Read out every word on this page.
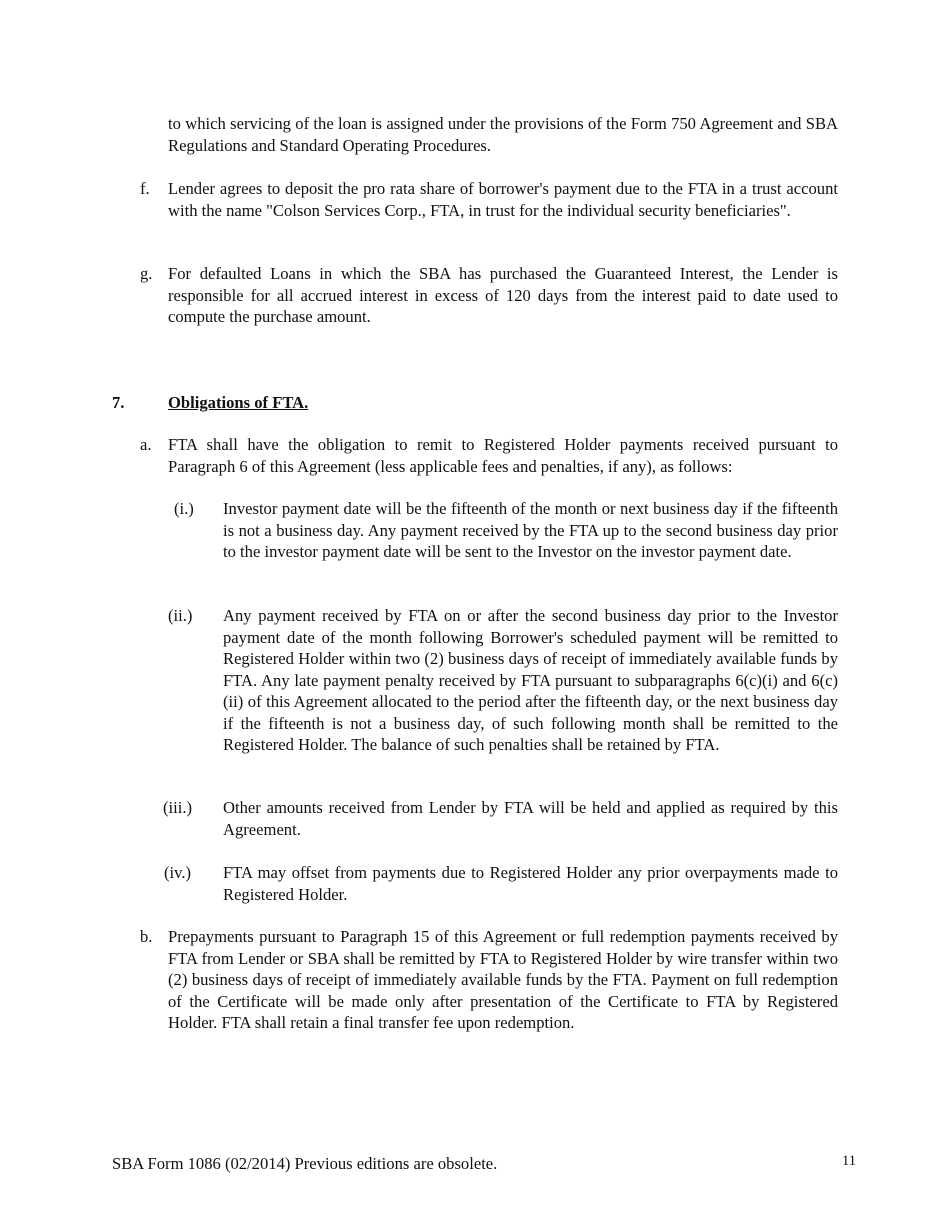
to which servicing of the loan is assigned under the provisions of the Form 750 Agreement and SBA Regulations and Standard Operating Procedures.
f. Lender agrees to deposit the pro rata share of borrower's payment due to the FTA in a trust account with the name "Colson Services Corp., FTA, in trust for the individual security beneficiaries".
g. For defaulted Loans in which the SBA has purchased the Guaranteed Interest, the Lender is responsible for all accrued interest in excess of 120 days from the interest paid to date used to compute the purchase amount.
7.	Obligations of FTA.
a. FTA shall have the obligation to remit to Registered Holder payments received pursuant to Paragraph 6 of this Agreement (less applicable fees and penalties, if any), as follows:
(i.) Investor payment date will be the fifteenth of the month or next business day if the fifteenth is not a business day. Any payment received by the FTA up to the second business day prior to the investor payment date will be sent to the Investor on the investor payment date.
(ii.) Any payment received by FTA on or after the second business day prior to the Investor payment date of the month following Borrower's scheduled payment will be remitted to Registered Holder within two (2) business days of receipt of immediately available funds by FTA. Any late payment penalty received by FTA pursuant to subparagraphs 6(c)(i) and 6(c)(ii) of this Agreement allocated to the period after the fifteenth day, or the next business day if the fifteenth is not a business day, of such following month shall be remitted to the Registered Holder. The balance of such penalties shall be retained by FTA.
(iii.) Other amounts received from Lender by FTA will be held and applied as required by this Agreement.
(iv.) FTA may offset from payments due to Registered Holder any prior overpayments made to Registered Holder.
b. Prepayments pursuant to Paragraph 15 of this Agreement or full redemption payments received by FTA from Lender or SBA shall be remitted by FTA to Registered Holder by wire transfer within two (2) business days of receipt of immediately available funds by the FTA. Payment on full redemption of the Certificate will be made only after presentation of the Certificate to FTA by Registered Holder. FTA shall retain a final transfer fee upon redemption.
SBA Form 1086 (02/2014) Previous editions are obsolete.	11
